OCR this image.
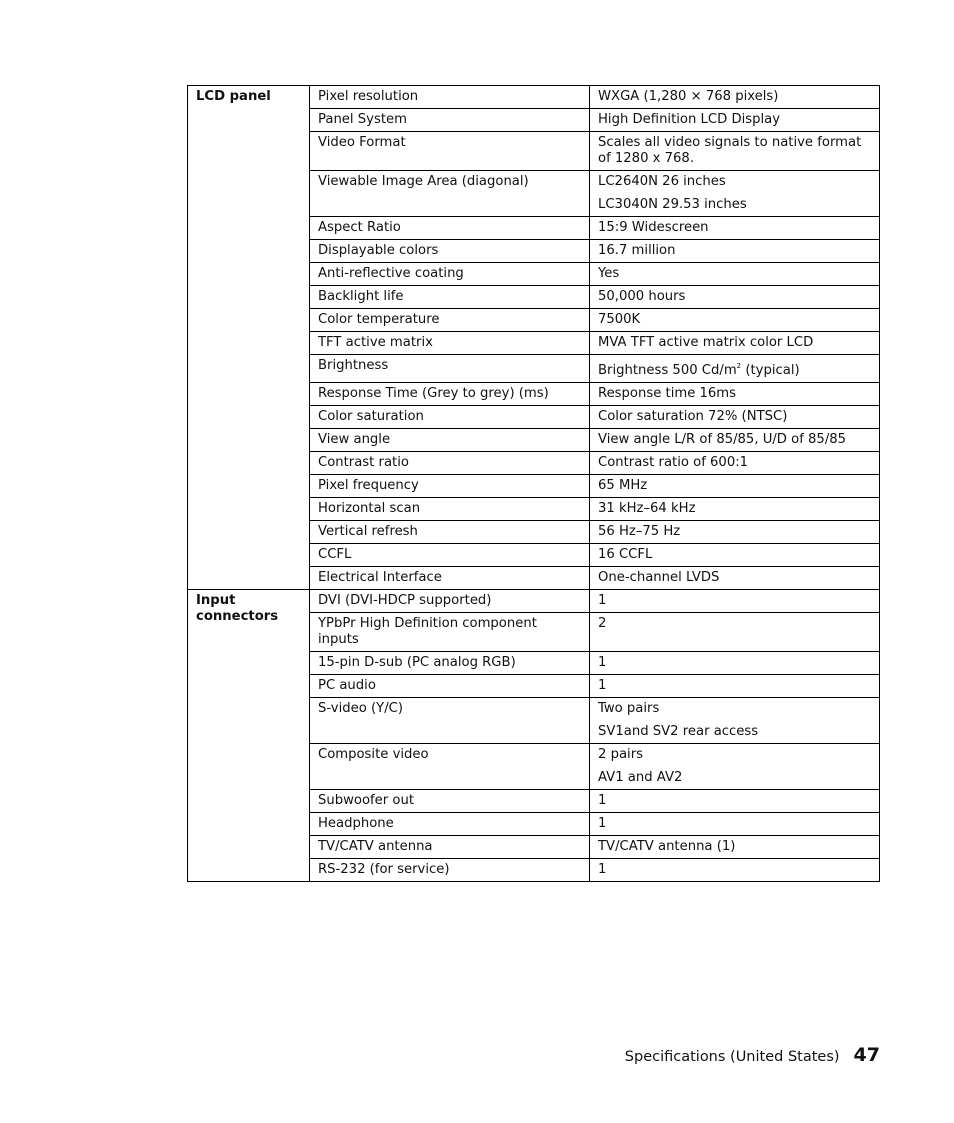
LCD panel	Pixel resolution	WXGA (1,280 × 768 pixels)
	Panel System	High Definition LCD Display
	Video Format	Scales all video signals to native format of 1280 x 768.
	Viewable Image Area (diagonal)	LC2640N 26 inches
LC3040N 29.53 inches

	Aspect Ratio	15:9 Widescreen
	Displayable colors	16.7 million
	Anti-reflective coating	Yes
	Backlight life	50,000 hours
	Color temperature	7500K
	TFT active matrix	MVA TFT active matrix color LCD
	Brightness	Brightness 500 $Cd/m^2$ (typical)
	Response Time (Grey to grey) (ms)	Response time 16ms
	Color saturation	Color saturation 72% (NTSC)
	View angle	View angle L/R of 85/85, U/D of 85/85
	Contrast ratio	Contrast ratio of 600:1
	Pixel frequency	65 MHz
	Horizontal scan	31 kHz–64 kHz
	Vertical refresh	56 Hz–75 Hz
	CCFL	16 CCFL
	Electrical Interface	One-channel LVDS
Input connectors	DVI (DVI-HDCP supported)	1
	YPbPr High Definition component inputs	2
	15-pin D-sub (PC analog RGB)	1
	PC audio	1
	S-video (Y/C)	Two pairs
SV1and SV2 rear access

	Composite video	2 pairs
AV1 and AV2

	Subwoofer out	1
	Headphone	1
	TV/CATV antenna	TV/CATV antenna (1)
	RS-232 (for service)	1
Specifications (United States) 47
